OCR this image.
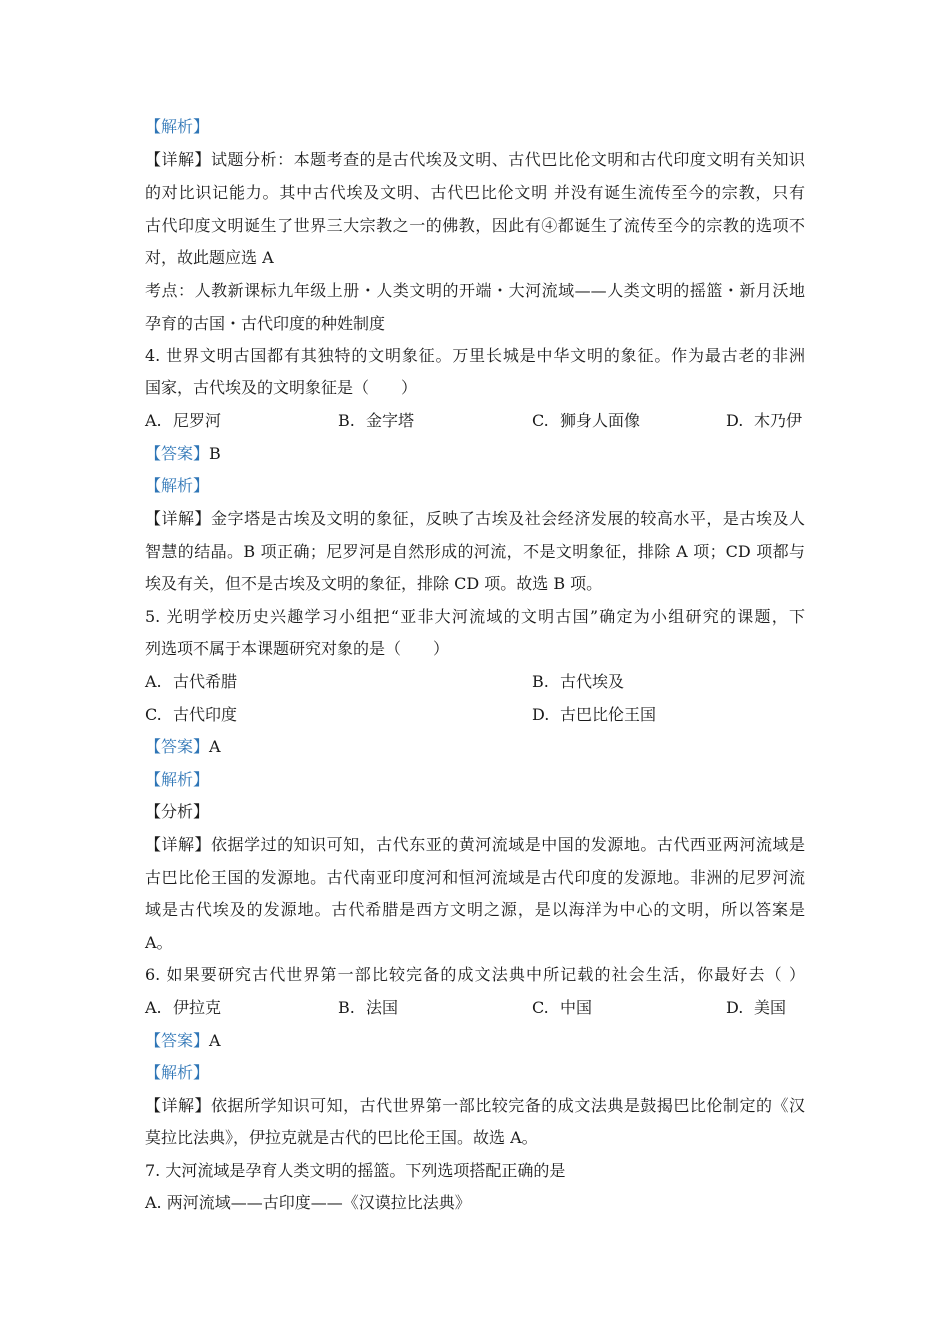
【解析】
【详解】试题分析：本题考查的是古代埃及文明、古代巴比伦文明和古代印度文明有关知识
的对比识记能力。其中古代埃及文明、古代巴比伦文明 并没有诞生流传至今的宗教，只有
古代印度文明诞生了世界三大宗教之一的佛教，因此有④都诞生了流传至今的宗教的选项不
对，故此题应选 A
考点：人教新课标九年级上册・人类文明的开端・大河流域——人类文明的摇篮・新月沃地
孕育的古国・古代印度的种姓制度
4. 世界文明古国都有其独特的文明象征。万里长城是中华文明的象征。作为最古老的非洲
国家，古代埃及的文明象征是（　　）
A. 尼罗河	B. 金字塔	C. 狮身人面像	D. 木乃伊
【答案】B
【解析】
【详解】金字塔是古埃及文明的象征，反映了古埃及社会经济发展的较高水平，是古埃及人
智慧的结晶。B 项正确；尼罗河是自然形成的河流，不是文明象征，排除 A 项；CD 项都与
埃及有关，但不是古埃及文明的象征，排除 CD 项。故选 B 项。
5. 光明学校历史兴趣学习小组把“亚非大河流域的文明古国”确定为小组研究的课题，下
列选项不属于本课题研究对象的是（　　）
A. 古代希腊	B. 古代埃及
C. 古代印度	D. 古巴比伦王国
【答案】A
【解析】
【分析】
【详解】依据学过的知识可知，古代东亚的黄河流域是中国的发源地。古代西亚两河流域是
古巴比伦王国的发源地。古代南亚印度河和恒河流域是古代印度的发源地。非洲的尼罗河流
域是古代埃及的发源地。古代希腊是西方文明之源，是以海洋为中心的文明，所以答案是
A。
6. 如果要研究古代世界第一部比较完备的成文法典中所记载的社会生活，你最好去（ ）
A. 伊拉克	B. 法国	C. 中国	D. 美国
【答案】A
【解析】
【详解】依据所学知识可知，古代世界第一部比较完备的成文法典是鼓揭巴比伦制定的《汉
莫拉比法典》，伊拉克就是古代的巴比伦王国。故选 A。
7. 大河流域是孕育人类文明的摇篮。下列选项搭配正确的是
A. 两河流域——古印度——《汉谟拉比法典》
